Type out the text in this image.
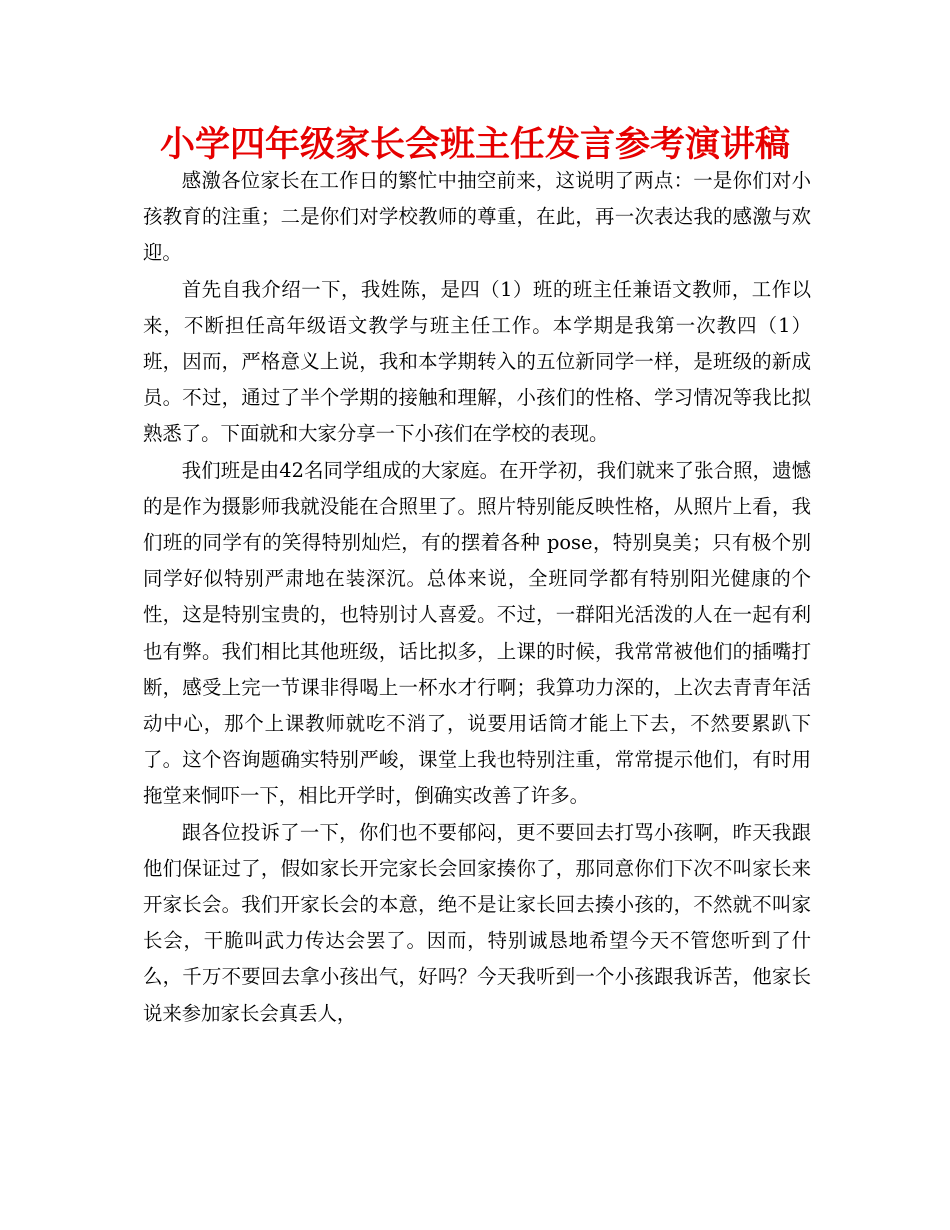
小学四年级家长会班主任发言参考演讲稿

感激各位家长在工作日的繁忙中抽空前来，这说明了两点：一是你们对小孩教育的注重；二是你们对学校教师的尊重，在此，再一次表达我的感激与欢迎。

首先自我介绍一下，我姓陈，是四（1）班的班主任兼语文教师，工作以来，不断担任高年级语文教学与班主任工作。本学期是我第一次教四（1）班，因而，严格意义上说，我和本学期转入的五位新同学一样，是班级的新成员。不过，通过了半个学期的接触和理解，小孩们的性格、学习情况等我比拟熟悉了。下面就和大家分享一下小孩们在学校的表现。

我们班是由42名同学组成的大家庭。在开学初，我们就来了张合照，遗憾的是作为摄影师我就没能在合照里了。照片特别能反映性格，从照片上看，我们班的同学有的笑得特别灿烂，有的摆着各种 pose，特别臭美；只有极个别同学好似特别严肃地在装深沉。总体来说，全班同学都有特别阳光健康的个性，这是特别宝贵的，也特别讨人喜爱。不过，一群阳光活泼的人在一起有利也有弊。我们相比其他班级，话比拟多，上课的时候，我常常被他们的插嘴打断，感受上完一节课非得喝上一杯水才行啊；我算功力深的，上次去青青年活动中心，那个上课教师就吃不消了，说要用话筒才能上下去，不然要累趴下了。这个咨询题确实特别严峻，课堂上我也特别注重，常常提示他们，有时用拖堂来恫吓一下，相比开学时，倒确实改善了许多。

跟各位投诉了一下，你们也不要郁闷，更不要回去打骂小孩啊，昨天我跟他们保证过了，假如家长开完家长会回家揍你了，那同意你们下次不叫家长来开家长会。我们开家长会的本意，绝不是让家长回去揍小孩的，不然就不叫家长会，干脆叫武力传达会罢了。因而，特别诚恳地希望今天不管您听到了什么，千万不要回去拿小孩出气，好吗？今天我听到一个小孩跟我诉苦，他家长说来参加家长会真丢人，
